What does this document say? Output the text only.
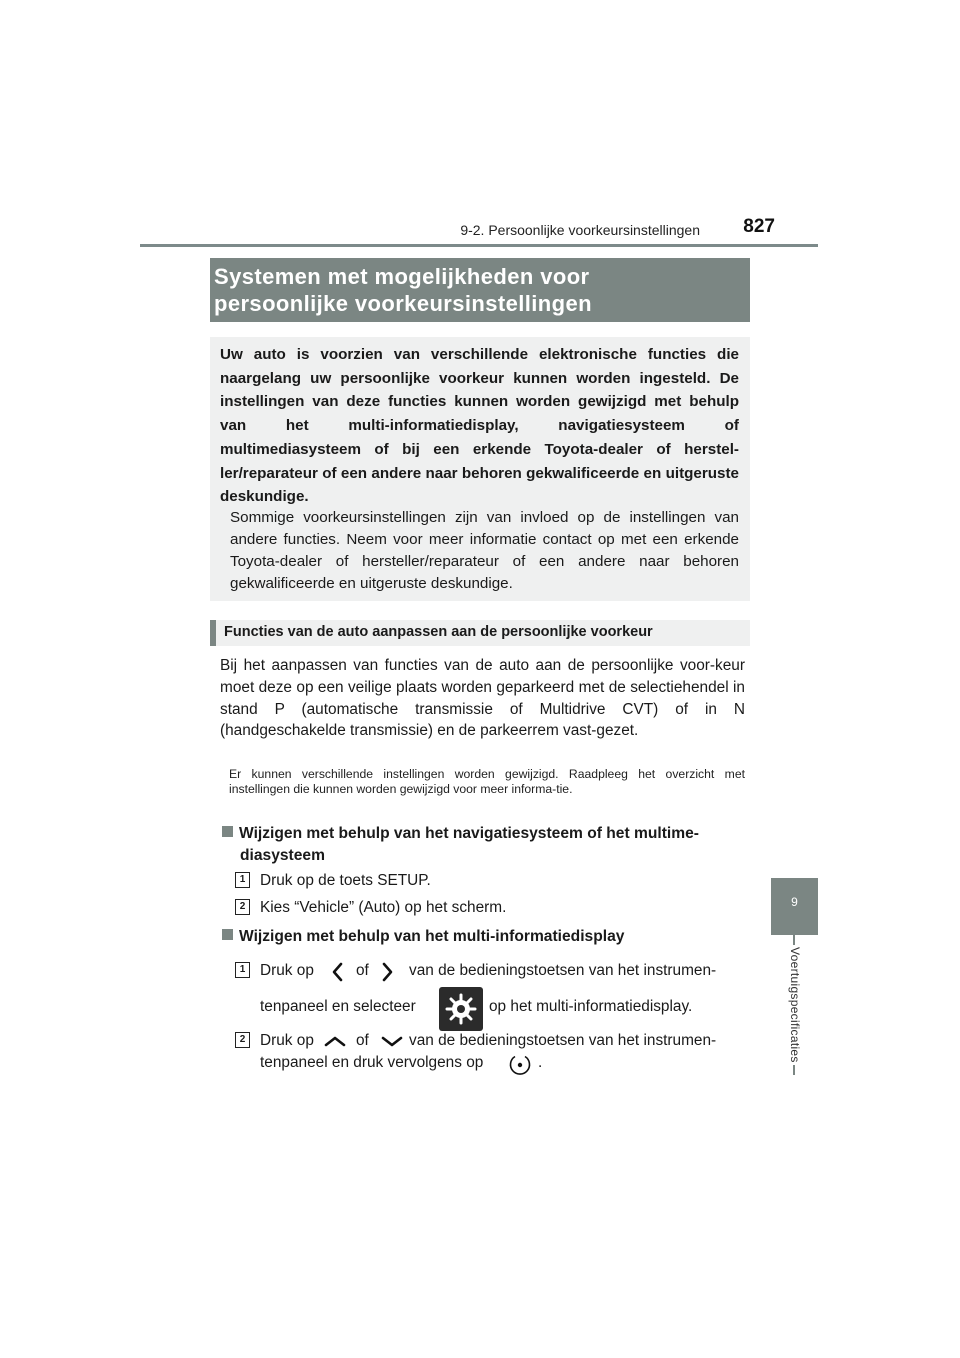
9-2. Persoonlijke voorkeursinstellingen	827
9
Voertuigspecificaties
Systemen met mogelijkheden voor
persoonlijke voorkeursinstellingen
Uw auto is voorzien van verschillende elektronische functies die naargelang uw persoonlijke voorkeur kunnen worden ingesteld. De instellingen van deze functies kunnen worden gewijzigd met behulp van het multi-informatiedisplay, navigatiesysteem of multimediasysteem of bij een erkende Toyota-dealer of herstel-ler/reparateur of een andere naar behoren gekwalificeerde en uitgeruste deskundige.
Sommige voorkeursinstellingen zijn van invloed op de instellingen van andere functies. Neem voor meer informatie contact op met een erkende Toyota-dealer of hersteller/reparateur of een andere naar behoren gekwalificeerde en uitgeruste deskundige.
Functies van de auto aanpassen aan de persoonlijke voorkeur
Bij het aanpassen van functies van de auto aan de persoonlijke voor-keur moet deze op een veilige plaats worden geparkeerd met de selectiehendel in stand P (automatische transmissie of Multidrive CVT) of in N (handgeschakelde transmissie) en de parkeerrem vast-gezet.
Er kunnen verschillende instellingen worden gewijzigd. Raadpleeg het overzicht met instellingen die kunnen worden gewijzigd voor meer informa-tie.
Wijzigen met behulp van het navigatiesysteem of het multime-
diasysteem
1 Druk op de toets SETUP.
2 Kies “Vehicle” (Auto) op het scherm.
Wijzigen met behulp van het multi-informatiedisplay
1 Druk op	of	van de bedieningstoetsen van het instrumen-
tenpaneel en selecteer	op het multi-informatiedisplay.
2 Druk op	of	van de bedieningstoetsen van het instrumen-
tenpaneel en druk vervolgens op	.
